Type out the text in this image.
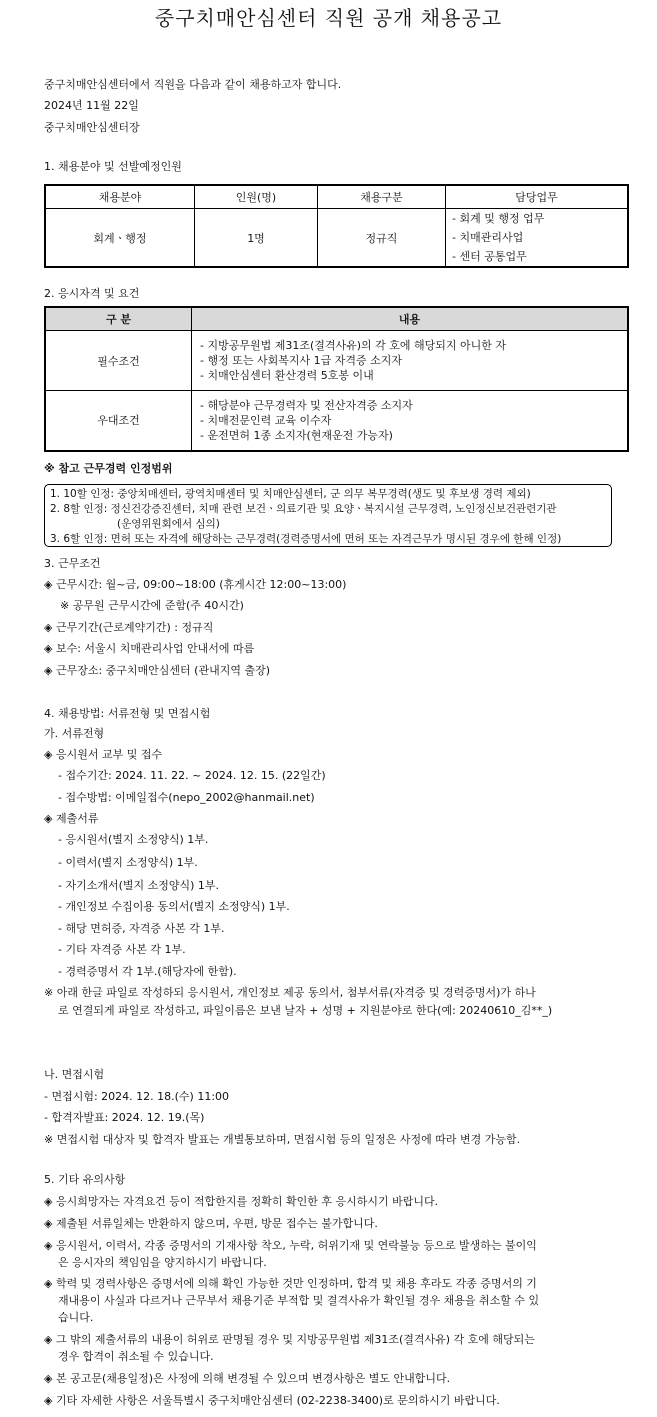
중구치매안심센터 직원 공개 채용공고
중구치매안심센터에서 직원을 다음과 같이 채용하고자 합니다.
2024년 11월 22일
중구치매안심센터장
1. 채용분야 및 선발예정인원
채용분야	인원(명)	채용구분	담당업무
회계ㆍ행정	1명	정규직	- 회계 및 행정 업무
- 치매관리사업
- 센터 공통업무
2. 응시자격 및 요건
구 분	내용
필수조건	- 지방공무원법 제31조(결격사유)의 각 호에 해당되지 아니한 자
- 행정 또는 사회복지사 1급 자격증 소지자
- 치매안심센터 환산경력 5호봉 이내

우대조건	- 해당분야 근무경력자 및 전산자격증 소지자
- 치매전문인력 교육 이수자
- 운전면허 1종 소지자(현재운전 가능자)
※ 참고 근무경력 인정범위
1. 10할 인정: 중앙치매센터, 광역치매센터 및 치매안심센터, 군 의무 복무경력(생도 및 후보생 경력 제외)
2. 8할 인정: 정신건강증진센터, 치매 관련 보건ㆍ의료기관 및 요양ㆍ복지시설 근무경력, 노인정신보건관련기관
(운영위원회에서 심의)
3. 6할 인정: 면허 또는 자격에 해당하는 근무경력(경력증명서에 면허 또는 자격근무가 명시된 경우에 한해 인정)
3. 근무조건
◈ 근무시간: 월~금, 09:00~18:00 (휴게시간 12:00~13:00)
※ 공무원 근무시간에 준함(주 40시간)
◈ 근무기간(근로계약기간) : 정규직
◈ 보수: 서울시 치매관리사업 안내서에 따름
◈ 근무장소: 중구치매안심센터 (관내지역 출장)
4. 채용방법: 서류전형 및 면접시험
가. 서류전형
◈ 응시원서 교부 및 접수
- 접수기간: 2024. 11. 22. ~ 2024. 12. 15. (22일간)
- 접수방법: 이메일접수(nepo_2002@hanmail.net)
◈ 제출서류
- 응시원서(별지 소정양식) 1부.
- 이력서(별지 소정양식) 1부.
- 자기소개서(별지 소정양식) 1부.
- 개인정보 수집이용 동의서(별지 소정양식) 1부.
- 해당 면허증, 자격증 사본 각 1부.
- 기타 자격증 사본 각 1부.
- 경력증명서 각 1부.(해당자에 한함).
※ 아래 한글 파일로 작성하되 응시원서, 개인정보 제공 동의서, 첨부서류(자격증 및 경력증명서)가 하나
로 연결되게 파일로 작성하고, 파일이름은 보낸 날자 + 성명 + 지원분야로 한다(예: 20240610_김**_)
나. 면접시험
- 면접시험: 2024. 12. 18.(수) 11:00
- 합격자발표: 2024. 12. 19.(목)
※ 면접시험 대상자 및 합격자 발표는 개별통보하며, 면접시험 등의 일정은 사정에 따라 변경 가능함.
5. 기타 유의사항
◈ 응시희망자는 자격요건 등이 적합한지를 정확히 확인한 후 응시하시기 바랍니다.
◈ 제출된 서류일체는 반환하지 않으며, 우편, 방문 접수는 불가합니다.
◈ 응시원서, 이력서, 각종 증명서의 기재사항 착오, 누락, 허위기재 및 연락불능 등으로 발생하는 불이익
은 응시자의 책임임을 양지하시기 바랍니다.
◈ 학력 및 경력사항은 증명서에 의해 확인 가능한 것만 인정하며, 합격 및 채용 후라도 각종 증명서의 기
재내용이 사실과 다르거나 근무부서 채용기준 부적합 및 결격사유가 확인될 경우 채용을 취소할 수 있
습니다.
◈ 그 밖의 제출서류의 내용이 허위로 판명될 경우 및 지방공무원법 제31조(결격사유) 각 호에 해당되는
경우 합격이 취소될 수 있습니다.
◈ 본 공고문(채용일정)은 사정에 의해 변경될 수 있으며 변경사항은 별도 안내합니다.
◈ 기타 자세한 사항은 서울특별시 중구치매안심센터 (02-2238-3400)로 문의하시기 바랍니다.
